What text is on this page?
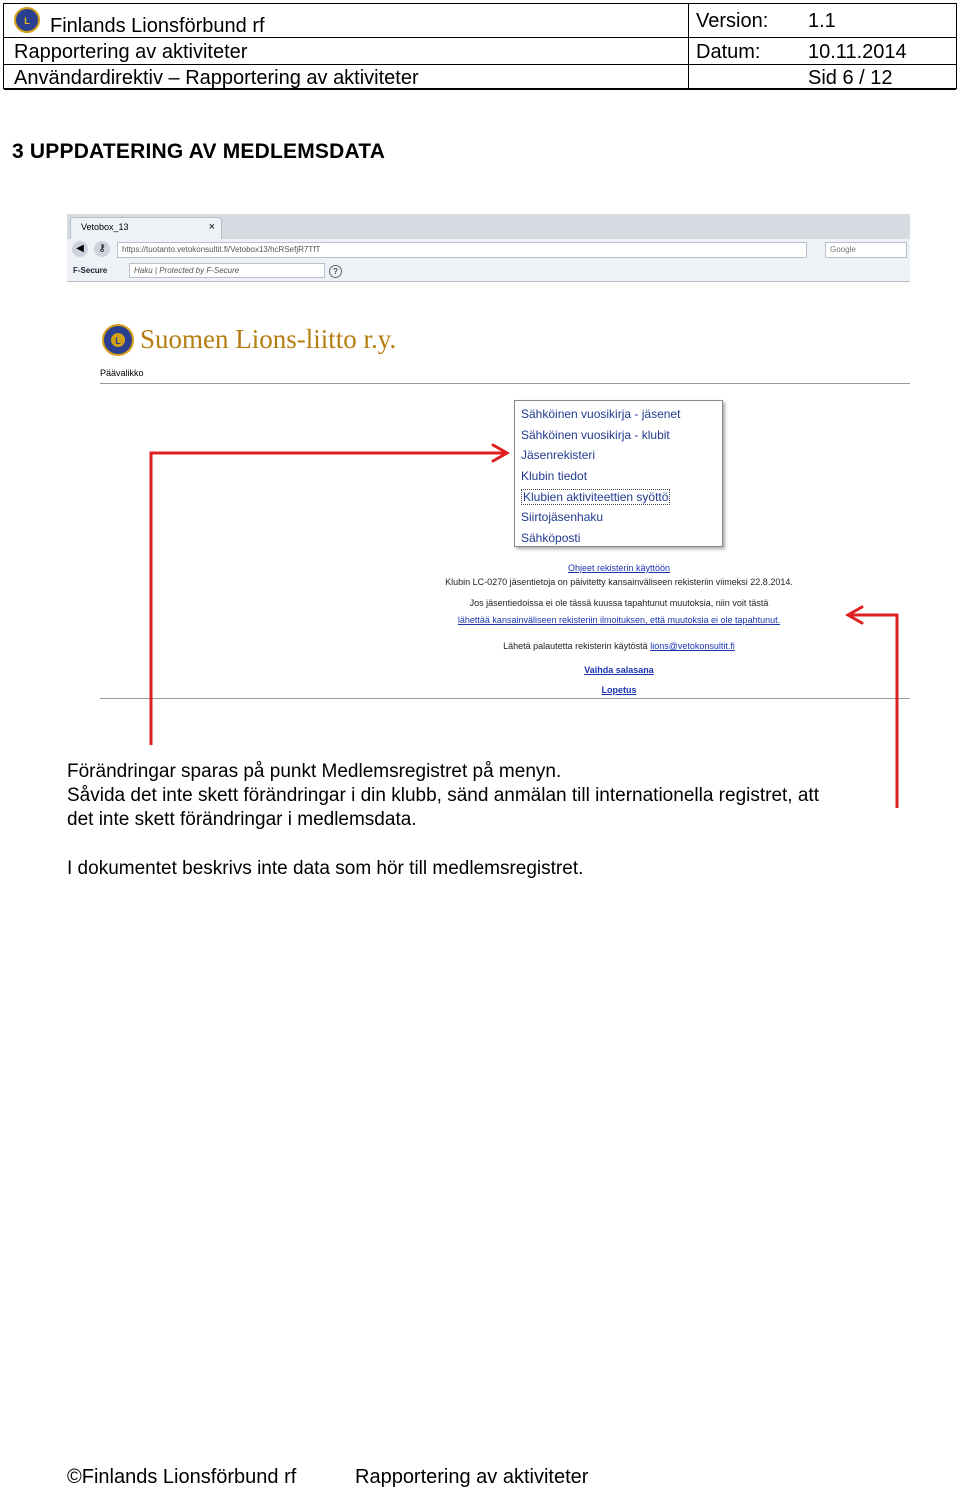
L Finlands Lionsförbund rf	Version: 1.1
Rapportering av aktiviteter	Datum: 10.11.2014
Användardirektiv – Rapportering av aktiviteter	Sid 6 / 12
3 UPPDATERING AV MEDLEMSDATA
Vetobox_13	×
◀	⚷	https://tuotanto.vetokonsultit.fi/Vetobox13/hcRSefjR7TfT	Google
F-Secure	Haku | Protected by F-Secure	?
L Suomen Lions-liitto r.y.
Päävalikko
Sähköinen vuosikirja - jäsenet
Sähköinen vuosikirja - klubit
Jäsenrekisteri
Klubin tiedot
Klubien aktiviteettien syöttö
Siirtojäsenhaku
Sähköposti
Ohjeet rekisterin käyttöön
Klubin LC-0270 jäsentietoja on päivitetty kansainväliseen rekisteriin viimeksi 22.8.2014.
Jos jäsentiedoissa ei ole tässä kuussa tapahtunut muutoksia, niin voit tästä
lähettää kansainväliseen rekisteriin ilmoituksen, että muutoksia ei ole tapahtunut.
Lähetä palautetta rekisterin käytöstä lions@vetokonsultit.fi
Vaihda salasana
Lopetus
Förändringar sparas på punkt Medlemsregistret på menyn.
Såvida det inte skett förändringar i din klubb, sänd anmälan till internationella registret, att
det inte skett förändringar i medlemsdata.
I dokumentet beskrivs inte data som hör till medlemsregistret.
©Finlands Lionsförbund rf	Rapportering av aktiviteter
